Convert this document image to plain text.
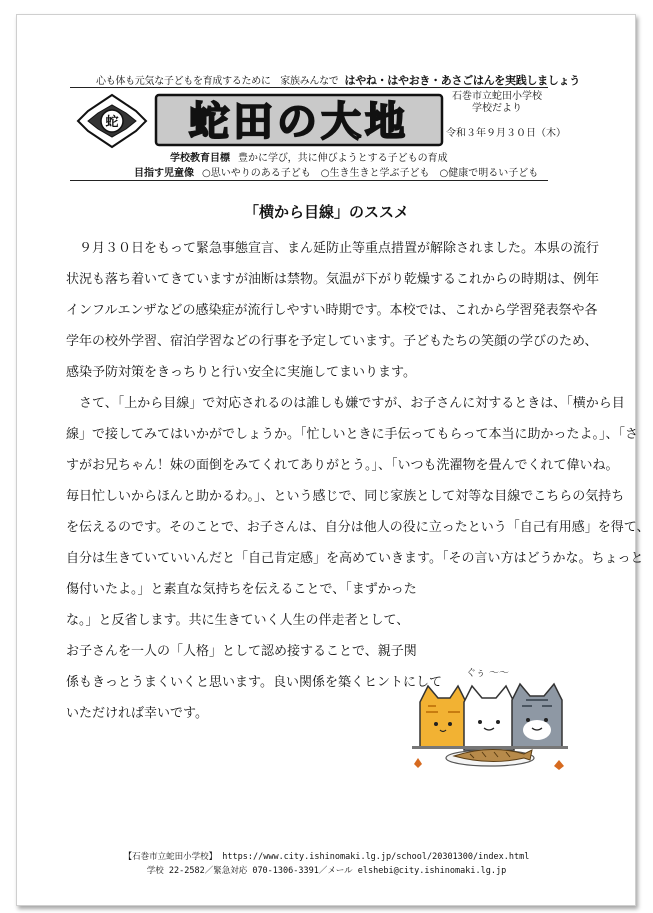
心も体も元気な子どもを育成するために　家族みんなで はやね・はやおき・あさごはんを実践しましょう
蛇 蛇田の大地
石巻市立蛇田小学校
学校だより
令和３年９月３０日（木）
学校教育目標 豊かに学び，共に伸びようとする子どもの育成
目指す児童像 ○思いやりのある子ども ○生き生きと学ぶ子ども ○健康で明るい子ども
「横から目線」のススメ

　９月３０日をもって緊急事態宣言、まん延防止等重点措置が解除されました。本県の流行

状況も落ち着いてきていますが油断は禁物。気温が下がり乾燥するこれからの時期は、例年

インフルエンザなどの感染症が流行しやすい時期です。本校では、これから学習発表祭や各

学年の校外学習、宿泊学習などの行事を予定しています。子どもたちの笑顔の学びのため、

感染予防対策をきっちりと行い安全に実施してまいります。

　さて、「上から目線」で対応されるのは誰しも嫌ですが、お子さんに対するときは、「横から目

線」で接してみてはいかがでしょうか。「忙しいときに手伝ってもらって本当に助かったよ。」、「さ

すがお兄ちゃん！妹の面倒をみてくれてありがとう。」、「いつも洗濯物を畳んでくれて偉いね。

毎日忙しいからほんと助かるわ。」、という感じで、同じ家族として対等な目線でこちらの気持ち

を伝えるのです。そのことで、お子さんは、自分は他人の役に立ったという「自己有用感」を得て、

自分は生きていていいんだと「自己肯定感」を高めていきます。「その言い方はどうかな。ちょっと

傷付いたよ。」と素直な気持ちを伝えることで、「まずかった

な。」と反省します。共に生きていく人生の伴走者として、

お子さんを一人の「人格」として認め接することで、親子関

係もきっとうまくいくと思います。良い関係を築くヒントにして

いただければ幸いです。

ぐぅ 〜〜
【石巻市立蛇田小学校】 https://www.city.ishinomaki.lg.jp/school/20301300/index.html
学校 22-2582／緊急対応 070-1306-3391／メール elshebi@city.ishinomaki.lg.jp
